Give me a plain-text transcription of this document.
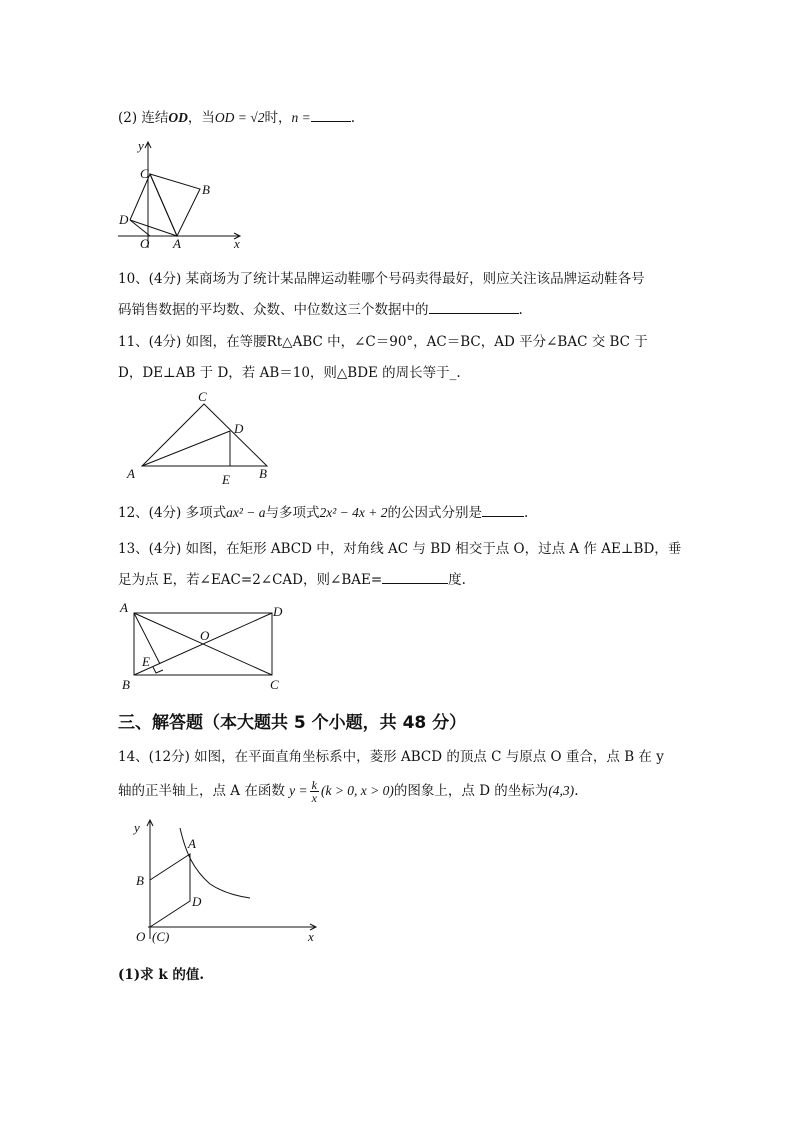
(2) 连结OD，当OD = √2时，n =	.
y
C
B
D
O A	x
10、(4分) 某商场为了统计某品牌运动鞋哪个号码卖得最好，则应关注该品牌运动鞋各号
码销售数据的平均数、众数、中位数这三个数据中的	.
11、(4分) 如图，在等腰Rt△ABC 中，∠C＝90°，AC＝BC，AD 平分∠BAC 交 BC 于
D，DE⊥AB 于 D，若 AB＝10，则△BDE 的周长等于_.
C
D
A	E B
12、(4分) 多项式ax² − a与多项式2x² − 4x + 2的公因式分别是	.
13、(4分) 如图，在矩形 ABCD 中，对角线 AC 与 BD 相交于点 O，过点 A 作 AE⊥BD，垂
足为点 E，若∠EAC=2∠CAD，则∠BAE=	度.
A	D
O
E
B	C
三、解答题（本大题共 5 个小题，共 48 分）
14、(12分) 如图，在平面直角坐标系中，菱形 ABCD 的顶点 C 与原点 O 重合，点 B 在 y
轴的正半轴上，点 A 在函数 $y = \frac{k}{x} (k > 0$, x > 0)的图象上，点 D 的坐标为(4,3).
y
A
B
D
O (C)	x
(1)求 k 的值.
